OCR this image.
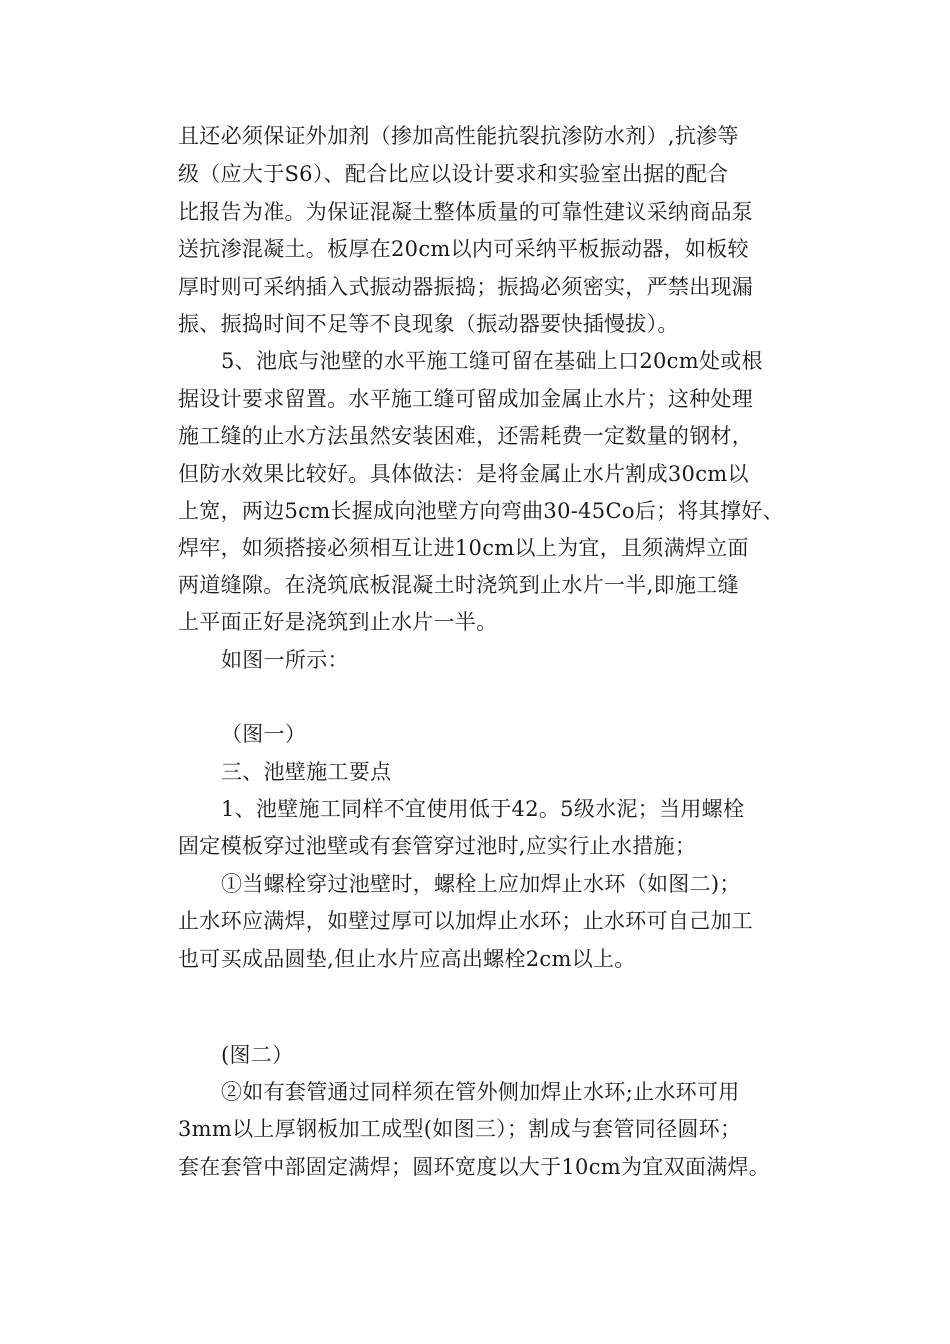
且还必须保证外加剂（掺加高性能抗裂抗渗防水剂）,抗渗等
级（应大于S6）、配合比应以设计要求和实验室出据的配合
比报告为准。为保证混凝土整体质量的可靠性建议采纳商品泵
送抗渗混凝土。板厚在20cm以内可采纳平板振动器，如板较
厚时则可采纳插入式振动器振捣；振捣必须密实，严禁出现漏
振、振捣时间不足等不良现象（振动器要快插慢拔）。
5、池底与池壁的水平施工缝可留在基础上口20cm处或根
据设计要求留置。水平施工缝可留成加金属止水片；这种处理
施工缝的止水方法虽然安装困难，还需耗费一定数量的钢材，
但防水效果比较好。具体做法：是将金属止水片割成30cm以
上宽，两边5cm长握成向池壁方向弯曲30-45Co后；将其撑好、
焊牢，如须搭接必须相互让进10cm以上为宜，且须满焊立面
两道缝隙。在浇筑底板混凝土时浇筑到止水片一半,即施工缝
上平面正好是浇筑到止水片一半。
如图一所示：
（图一）
三、池壁施工要点
1、池壁施工同样不宜使用低于42。5级水泥；当用螺栓
固定模板穿过池壁或有套管穿过池时,应实行止水措施；
①当螺栓穿过池壁时，螺栓上应加焊止水环（如图二)；
止水环应满焊，如壁过厚可以加焊止水环；止水环可自己加工
也可买成品圆垫,但止水片应高出螺栓2cm以上。
(图二）
②如有套管通过同样须在管外侧加焊止水环;止水环可用
3mm以上厚钢板加工成型(如图三）；割成与套管同径圆环；
套在套管中部固定满焊；圆环宽度以大于10cm为宜双面满焊。
